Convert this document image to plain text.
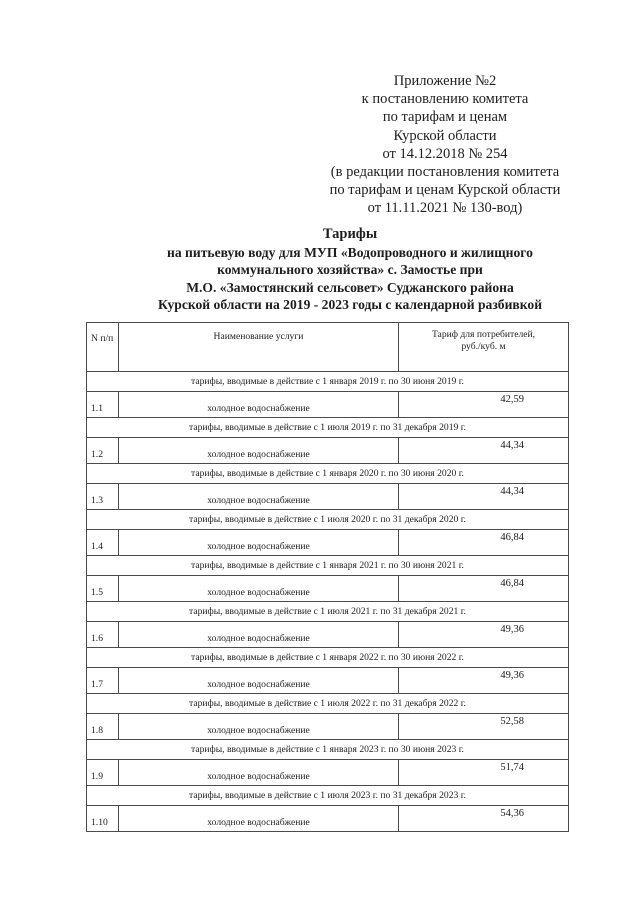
Приложение №2
к постановлению комитета
по тарифам и ценам
Курской области
от 14.12.2018 № 254
(в редакции постановления комитета
по тарифам и ценам Курской области
от 11.11.2021 № 130-вод)
Тарифы
на питьевую воду для МУП «Водопроводного и жилищного
коммунального хозяйства» с. Замостье при
М.О. «Замостянский сельсовет» Суджанского района
Курской области на 2019 - 2023 годы с календарной разбивкой
N п/п	Наименование услуги	Тариф для потребителей,
руб./куб. м

тарифы, вводимые в действие с 1 января 2019 г. по 30 июня 2019 г.		
1.1	холодное водоснабжение	42,59
тарифы, вводимые в действие с 1 июля 2019 г. по 31 декабря 2019 г.		
1.2	холодное водоснабжение	44,34
тарифы, вводимые в действие с 1 января 2020 г. по 30 июня 2020 г.		
1.3	холодное водоснабжение	44,34
тарифы, вводимые в действие с 1 июля 2020 г. по 31 декабря 2020 г.		
1.4	холодное водоснабжение	46,84
тарифы, вводимые в действие с 1 января 2021 г. по 30 июня 2021 г.		
1.5	холодное водоснабжение	46,84
тарифы, вводимые в действие с 1 июля 2021 г. по 31 декабря 2021 г.		
1.6	холодное водоснабжение	49,36
тарифы, вводимые в действие с 1 января 2022 г. по 30 июня 2022 г.		
1.7	холодное водоснабжение	49,36
тарифы, вводимые в действие с 1 июля 2022 г. по 31 декабря 2022 г.		
1.8	холодное водоснабжение	52,58
тарифы, вводимые в действие с 1 января 2023 г. по 30 июня 2023 г.		
1.9	холодное водоснабжение	51,74
тарифы, вводимые в действие с 1 июля 2023 г. по 31 декабря 2023 г.		
1.10	холодное водоснабжение	54,36
